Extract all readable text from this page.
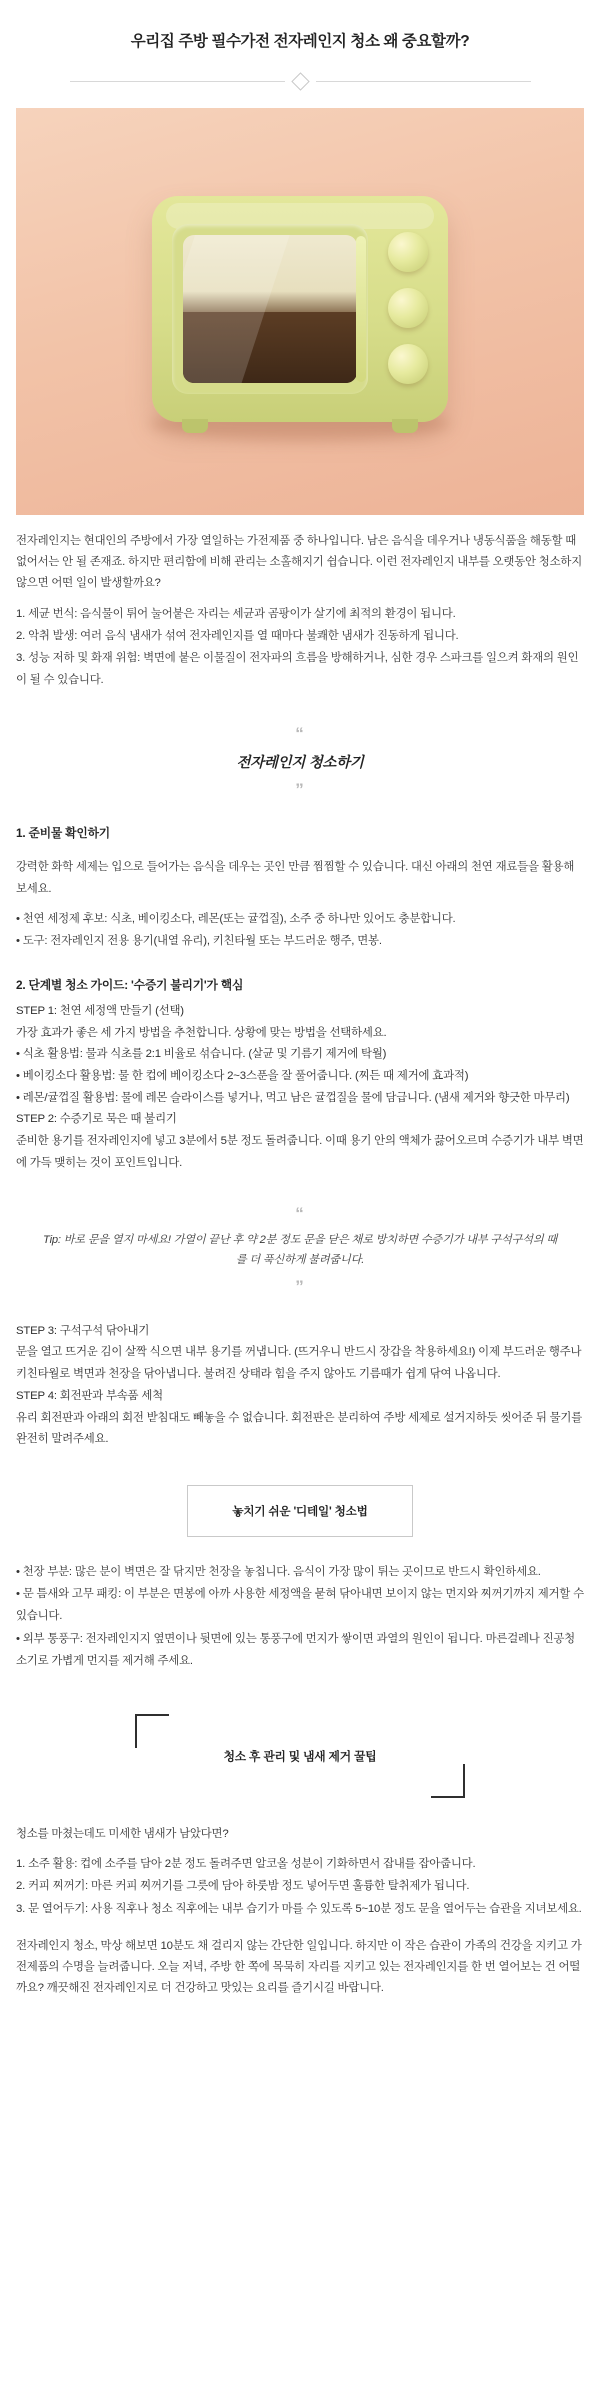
우리집 주방 필수가전 전자레인지 청소 왜 중요할까?

전자레인지는 현대인의 주방에서 가장 열일하는 가전제품 중 하나입니다. 남은 음식을 데우거나 냉동식품을 해동할 때 없어서는 안 될 존재죠. 하지만 편리함에 비해 관리는 소홀해지기 쉽습니다. 이런 전자레인지 내부를 오랫동안 청소하지 않으면 어떤 일이 발생할까요?

1. 세균 번식: 음식물이 튀어 눌어붙은 자리는 세균과 곰팡이가 살기에 최적의 환경이 됩니다.
2. 악취 발생: 여러 음식 냄새가 섞여 전자레인지를 열 때마다 불쾌한 냄새가 진동하게 됩니다.
3. 성능 저하 및 화재 위험: 벽면에 붙은 이물질이 전자파의 흐름을 방해하거나, 심한 경우 스파크를 일으켜 화재의 원인이 될 수 있습니다.
“
전자레인지 청소하기
”
1. 준비물 확인하기

강력한 화학 세제는 입으로 들어가는 음식을 데우는 곳인 만큼 찜찜할 수 있습니다. 대신 아래의 천연 재료들을 활용해 보세요.

• 천연 세정제 후보: 식초, 베이킹소다, 레몬(또는 귤껍질), 소주 중 하나만 있어도 충분합니다.
• 도구: 전자레인지 전용 용기(내열 유리), 키친타월 또는 부드러운 행주, 면봉.
2. 단계별 청소 가이드: '수증기 불리기'가 핵심

STEP 1: 천연 세정액 만들기 (선택)

가장 효과가 좋은 세 가지 방법을 추천합니다. 상황에 맞는 방법을 선택하세요.

• 식초 활용법: 물과 식초를 2:1 비율로 섞습니다. (살균 및 기름기 제거에 탁월)

• 베이킹소다 활용법: 물 한 컵에 베이킹소다 2~3스푼을 잘 풀어줍니다. (찌든 때 제거에 효과적)

• 레몬/귤껍질 활용법: 물에 레몬 슬라이스를 넣거나, 먹고 남은 귤껍질을 물에 담급니다. (냄새 제거와 향긋한 마무리)

STEP 2: 수증기로 묵은 때 불리기

준비한 용기를 전자레인지에 넣고 3분에서 5분 정도 돌려줍니다. 이때 용기 안의 액체가 끓어오르며 수증기가 내부 벽면에 가득 맺히는 것이 포인트입니다.

“
Tip: 바로 문을 열지 마세요! 가열이 끝난 후 약 2분 정도 문을 닫은 채로 방치하면 수증기가 내부 구석구석의 때를 더 푹신하게 불려줍니다.
”

STEP 3: 구석구석 닦아내기

문을 열고 뜨거운 김이 살짝 식으면 내부 용기를 꺼냅니다. (뜨거우니 반드시 장갑을 착용하세요!) 이제 부드러운 행주나 키친타월로 벽면과 천장을 닦아냅니다. 불려진 상태라 힘을 주지 않아도 기름때가 쉽게 닦여 나옵니다.

STEP 4: 회전판과 부속품 세척

유리 회전판과 아래의 회전 받침대도 빼놓을 수 없습니다. 회전판은 분리하여 주방 세제로 설거지하듯 씻어준 뒤 물기를 완전히 말려주세요.

놓치기 쉬운 '디테일' 청소법
• 천장 부분: 많은 분이 벽면은 잘 닦지만 천장을 놓칩니다. 음식이 가장 많이 튀는 곳이므로 반드시 확인하세요.
• 문 틈새와 고무 패킹: 이 부분은 면봉에 아까 사용한 세정액을 묻혀 닦아내면 보이지 않는 먼지와 찌꺼기까지 제거할 수 있습니다.
• 외부 통풍구: 전자레인지지 옆면이나 뒷면에 있는 통풍구에 먼지가 쌓이면 과열의 원인이 됩니다. 마른걸레나 진공청소기로 가볍게 먼지를 제거해 주세요.
청소 후 관리 및 냄새 제거 꿀팁

청소를 마쳤는데도 미세한 냄새가 남았다면?

1. 소주 활용: 컵에 소주를 담아 2분 정도 돌려주면 알코올 성분이 기화하면서 잡내를 잡아줍니다.
2. 커피 찌꺼기: 마른 커피 찌꺼기를 그릇에 담아 하룻밤 정도 넣어두면 훌륭한 탈취제가 됩니다.
3. 문 열어두기: 사용 직후나 청소 직후에는 내부 습기가 마를 수 있도록 5~10분 정도 문을 열어두는 습관을 지녀보세요.

전자레인지 청소, 막상 해보면 10분도 채 걸리지 않는 간단한 일입니다. 하지만 이 작은 습관이 가족의 건강을 지키고 가전제품의 수명을 늘려줍니다. 오늘 저녁, 주방 한 쪽에 목묵히 자리를 지키고 있는 전자레인지를 한 번 열어보는 건 어떨까요? 깨끗해진 전자레인지로 더 건강하고 맛있는 요리를 즐기시길 바랍니다.
